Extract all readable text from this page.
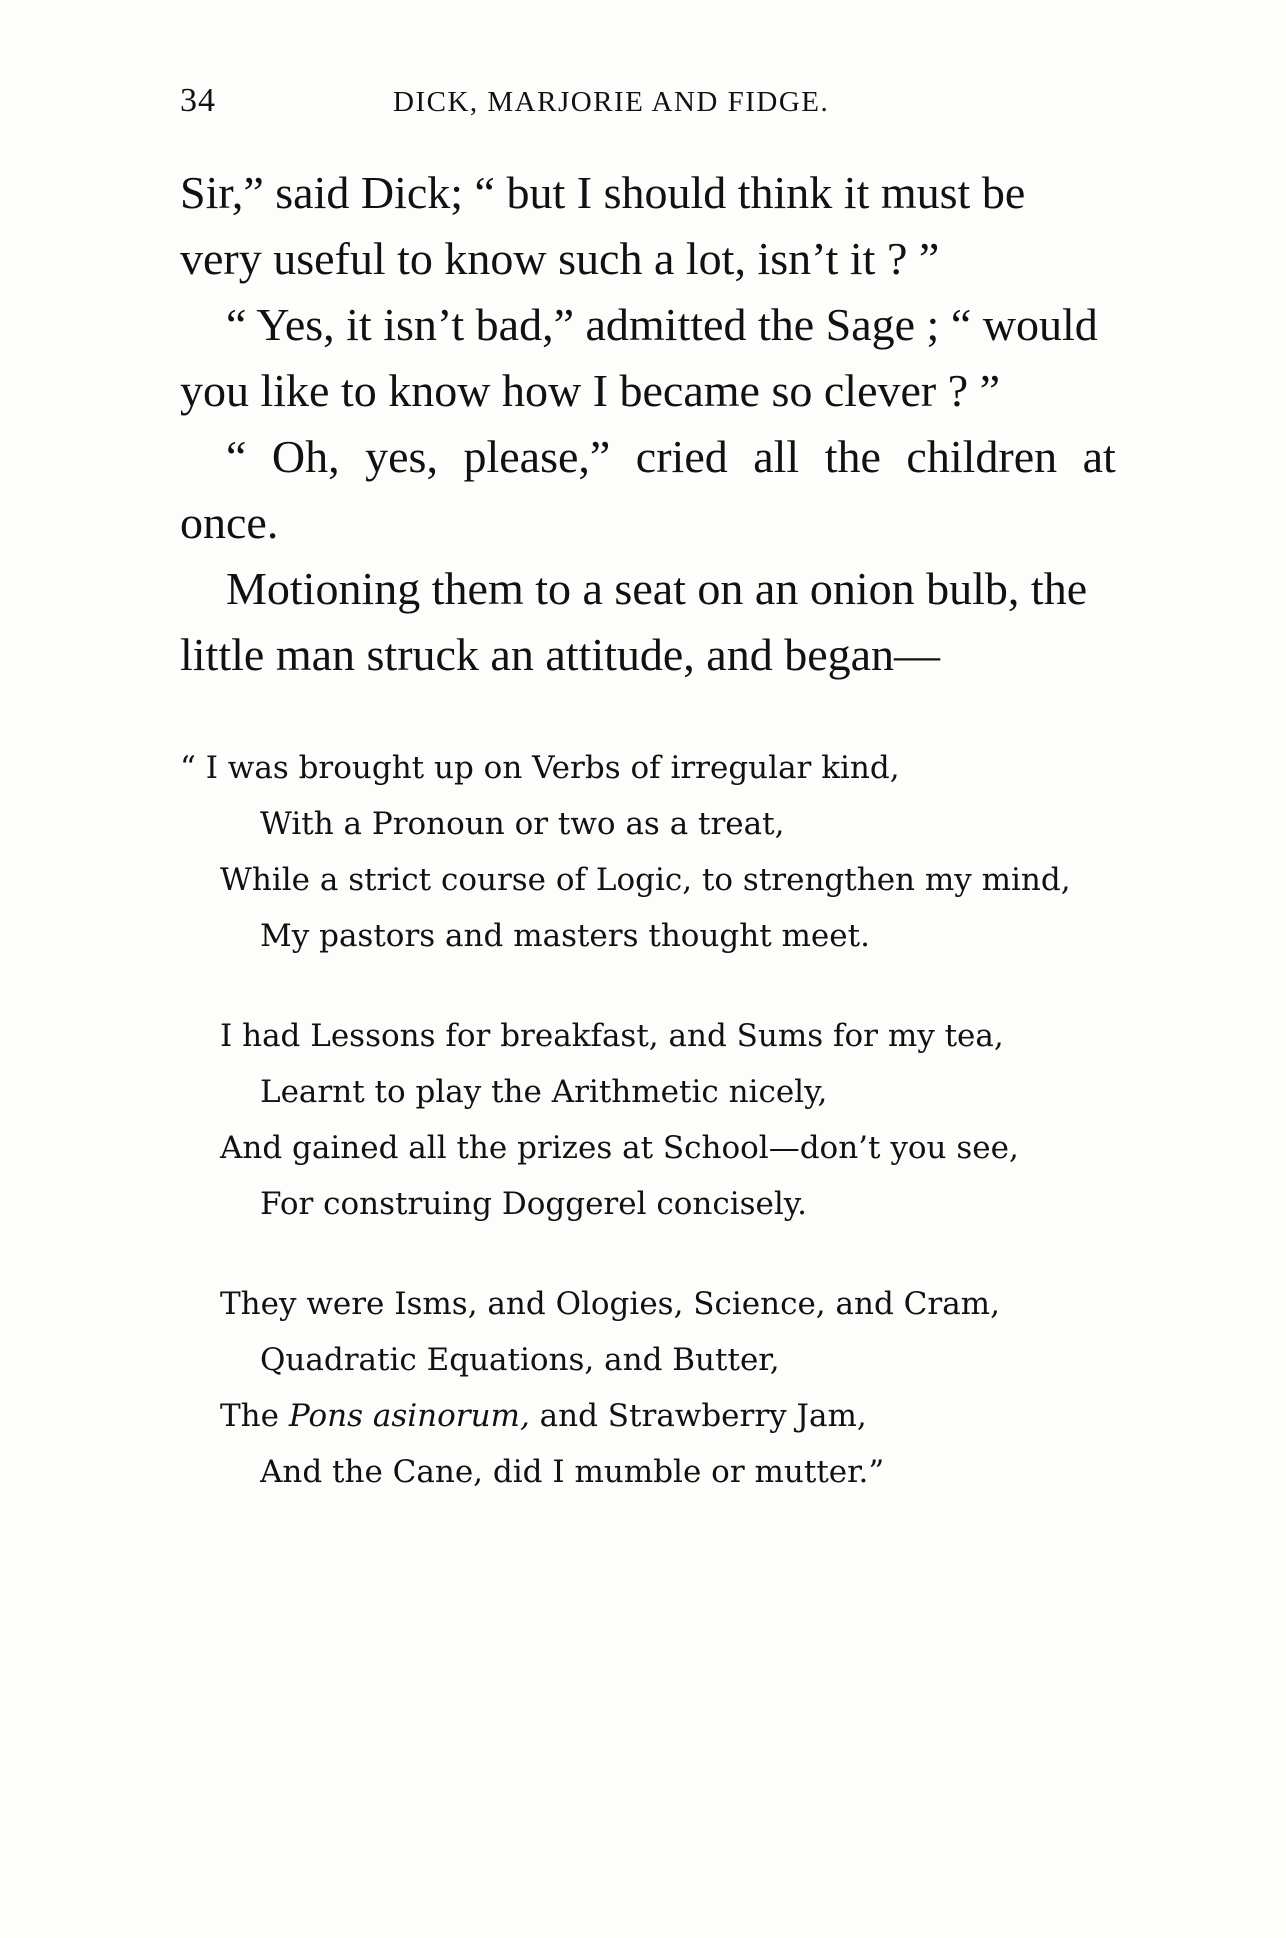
34	DICK, MARJORIE AND FIDGE.

Sir,” said Dick; “ but I should think it must be

very useful to know such a lot, isn’t it ? ”

“ Yes, it isn’t bad,” admitted the Sage ; “ would

you like to know how I became so clever ? ”

“ Oh, yes, please,” cried all the children at

once.

Motioning them to a seat on an onion bulb, the

little man struck an attitude, and began—

“ I was brought up on Verbs of irregular kind,
With a Pronoun or two as a treat,
While a strict course of Logic, to strengthen my mind,
My pastors and masters thought meet.
I had Lessons for breakfast, and Sums for my tea,
Learnt to play the Arithmetic nicely,
And gained all the prizes at School—don’t you see,
For construing Doggerel concisely.
They were Isms, and Ologies, Science, and Cram,
Quadratic Equations, and Butter,
The Pons asinorum, and Strawberry Jam,
And the Cane, did I mumble or mutter.”
